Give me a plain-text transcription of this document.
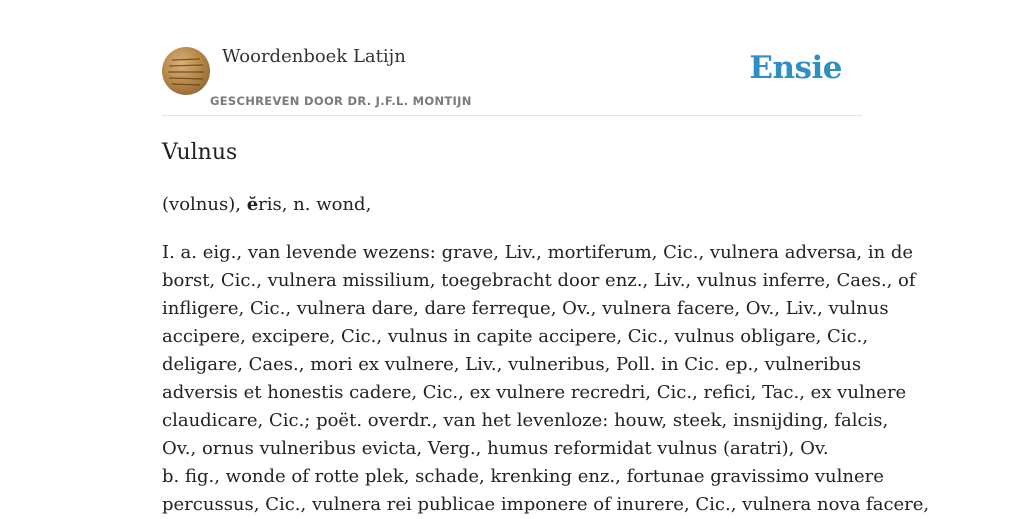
Woordenboek Latijn
GESCHREVEN DOOR DR. J.F.L. MONTIJN
Ensie
Vulnus
(volnus), ĕris, n. wond,
I. a. eig., van levende wezens: grave, Liv., mortiferum, Cic., vulnera adversa, in de
borst, Cic., vulnera missilium, toegebracht door enz., Liv., vulnus inferre, Caes., of
infligere, Cic., vulnera dare, dare ferreque, Ov., vulnera facere, Ov., Liv., vulnus
accipere, excipere, Cic., vulnus in capite accipere, Cic., vulnus obligare, Cic.,
deligare, Caes., mori ex vulnere, Liv., vulneribus, Poll. in Cic. ep., vulneribus
adversis et honestis cadere, Cic., ex vulnere recredri, Cic., refici, Tac., ex vulnere
claudicare, Cic.; poët. overdr., van het levenloze: houw, steek, insnijding, falcis,
Ov., ornus vulneribus evicta, Verg., humus reformidat vulnus (aratri), Ov.
b. fig., wonde of rotte plek, schade, krenking enz., fortunae gravissimo vulnere
percussus, Cic., vulnera rei publicae imponere of inurere, Cic., vulnera nova facere,
